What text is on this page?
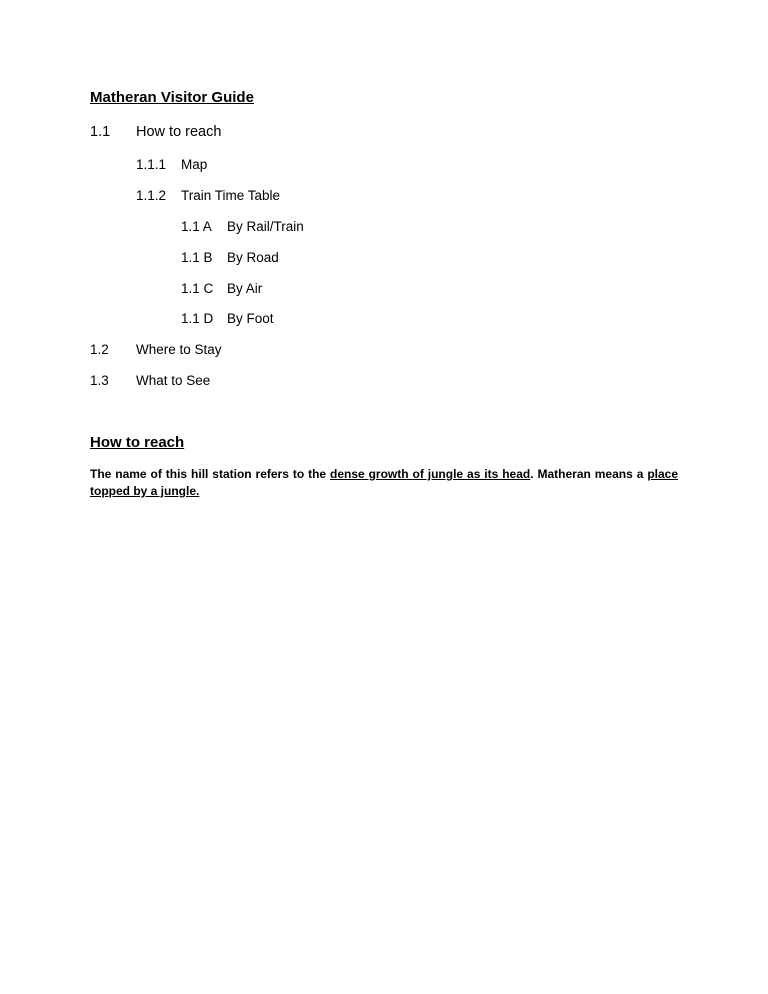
Matheran Visitor Guide
1.1 How to reach
1.1.1 Map
1.1.2 Train Time Table
1.1 A By Rail/Train
1.1 B By Road
1.1 C By Air
1.1 D By Foot
1.2 Where to Stay
1.3 What to See
How to reach

The name of this hill station refers to the dense growth of jungle as its head. Matheran means a place topped by a jungle.
